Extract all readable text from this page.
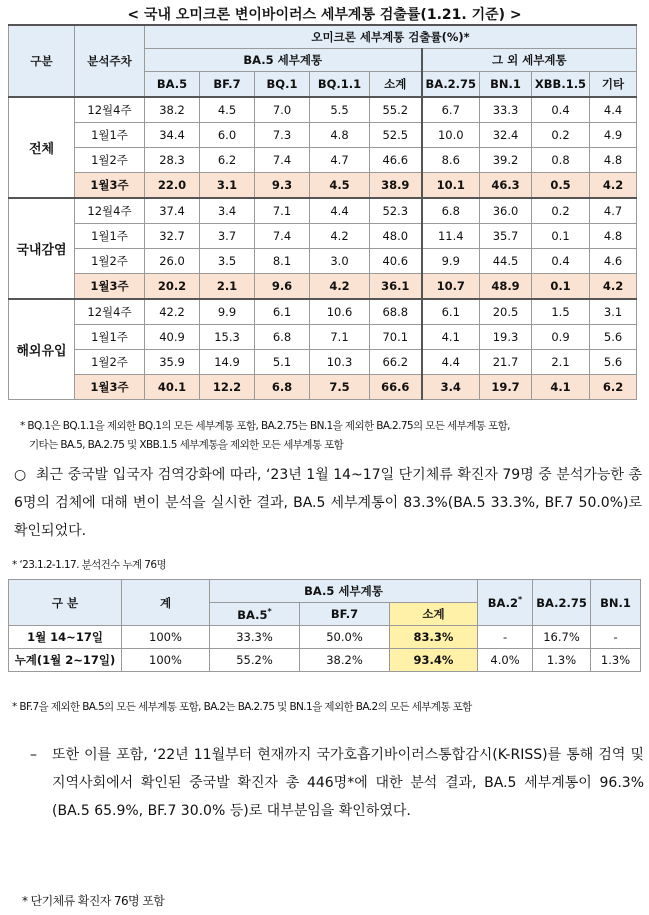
< 국내 오미크론 변이바이러스 세부계통 검출률(1.21. 기준) >
구분	분석주차	오미크론 세부계통 검출률(%)*								
		BA.5 세부계통					그 외 세부계통			
		BA.5	BF.7	BQ.1	BQ.1.1	소계	BA.2.75	BN.1	XBB.1.5	기타
전체	12월4주	38.2	4.5	7.0	5.5	55.2	6.7	33.3	0.4	4.4
	1월1주	34.4	6.0	7.3	4.8	52.5	10.0	32.4	0.2	4.9
	1월2주	28.3	6.2	7.4	4.7	46.6	8.6	39.2	0.8	4.8
	1월3주	22.0	3.1	9.3	4.5	38.9	10.1	46.3	0.5	4.2
국내감염	12월4주	37.4	3.4	7.1	4.4	52.3	6.8	36.0	0.2	4.7
	1월1주	32.7	3.7	7.4	4.2	48.0	11.4	35.7	0.1	4.8
	1월2주	26.0	3.5	8.1	3.0	40.6	9.9	44.5	0.4	4.6
	1월3주	20.2	2.1	9.6	4.2	36.1	10.7	48.9	0.1	4.2
해외유입	12월4주	42.2	9.9	6.1	10.6	68.8	6.1	20.5	1.5	3.1
	1월1주	40.9	15.3	6.8	7.1	70.1	4.1	19.3	0.9	5.6
	1월2주	35.9	14.9	5.1	10.3	66.2	4.4	21.7	2.1	5.6
	1월3주	40.1	12.2	6.8	7.5	66.6	3.4	19.7	4.1	6.2
* BQ.1은 BQ.1.1을 제외한 BQ.1의 모든 세부계통 포함, BA.2.75는 BN.1을 제외한 BA.2.75의 모든 세부계통 포함,
기타는 BA.5, BA.2.75 및 XBB.1.5 세부계통을 제외한 모든 세부계통 포함
○ 최근 중국발 입국자 검역강화에 따라, ‘23년 1월 14~17일 단기체류 확진자 79명 중 분석가능한 총 6명의 검체에 대해 변이 분석을 실시한 결과, BA.5 세부계통이 83.3%(BA.5 33.3%, BF.7 50.0%)로 확인되었다.
* ‘23.1.2-1.17. 분석건수 누계 76명
구 분	계	BA.5 세부계통			BA.2*	BA.2.75	BN.1
		BA.5*	BF.7	소계			
1월 14~17일	100%	33.3%	50.0%	83.3%	-	16.7%	-
누계(1월 2~17일)	100%	55.2%	38.2%	93.4%	4.0%	1.3%	1.3%
* BF.7을 제외한 BA.5의 모든 세부계통 포함, BA.2는 BA.2.75 및 BN.1을 제외한 BA.2의 모든 세부계통 포함
– 또한 이를 포함, ‘22년 11월부터 현재까지 국가호흡기바이러스통합감시(K-RISS)를 통해 검역 및 지역사회에서 확인된 중국발 확진자 총 446명*에 대한 분석 결과, BA.5 세부계통이 96.3%(BA.5 65.9%, BF.7 30.0% 등)로 대부분임을 확인하였다.
* 단기체류 확진자 76명 포함
